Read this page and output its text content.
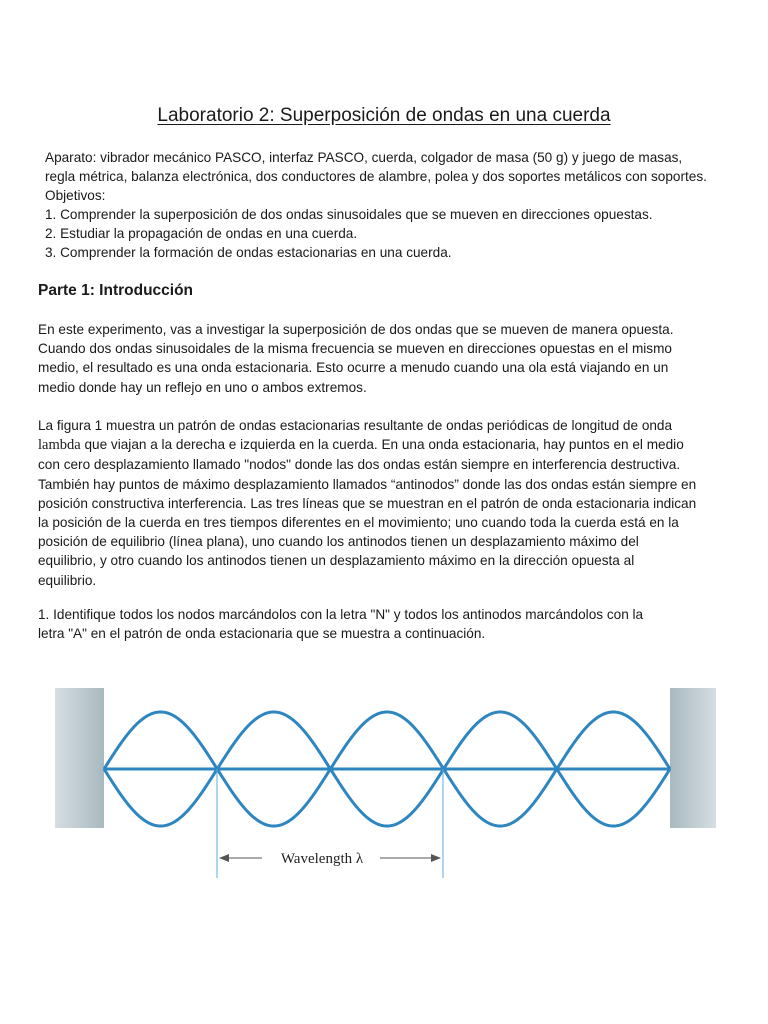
Laboratorio 2: Superposición de ondas en una cuerda
Aparato: vibrador mecánico PASCO, interfaz PASCO, cuerda, colgador de masa (50 g) y juego de masas,
regla métrica, balanza electrónica, dos conductores de alambre, polea y dos soportes metálicos con soportes.
Objetivos:
1. Comprender la superposición de dos ondas sinusoidales que se mueven en direcciones opuestas.
2. Estudiar la propagación de ondas en una cuerda.
3. Comprender la formación de ondas estacionarias en una cuerda.
Parte 1: Introducción
En este experimento, vas a investigar la superposición de dos ondas que se mueven de manera opuesta.
Cuando dos ondas sinusoidales de la misma frecuencia se mueven en direcciones opuestas en el mismo
medio, el resultado es una onda estacionaria. Esto ocurre a menudo cuando una ola está viajando en un
medio donde hay un reflejo en uno o ambos extremos.
La figura 1 muestra un patrón de ondas estacionarias resultante de ondas periódicas de longitud de onda
lambda que viajan a la derecha e izquierda en la cuerda. En una onda estacionaria, hay puntos en el medio
con cero desplazamiento llamado "nodos" donde las dos ondas están siempre en interferencia destructiva.
También hay puntos de máximo desplazamiento llamados “antinodos” donde las dos ondas están siempre en
posición constructiva interferencia. Las tres líneas que se muestran en el patrón de onda estacionaria indican
la posición de la cuerda en tres tiempos diferentes en el movimiento; uno cuando toda la cuerda está en la
posición de equilibrio (línea plana), uno cuando los antinodos tienen un desplazamiento máximo del
equilibrio, y otro cuando los antinodos tienen un desplazamiento máximo en la dirección opuesta al
equilibrio.
1. Identifique todos los nodos marcándolos con la letra "N" y todos los antinodos marcándolos con la
letra "A" en el patrón de onda estacionaria que se muestra a continuación.
Wavelength λ
